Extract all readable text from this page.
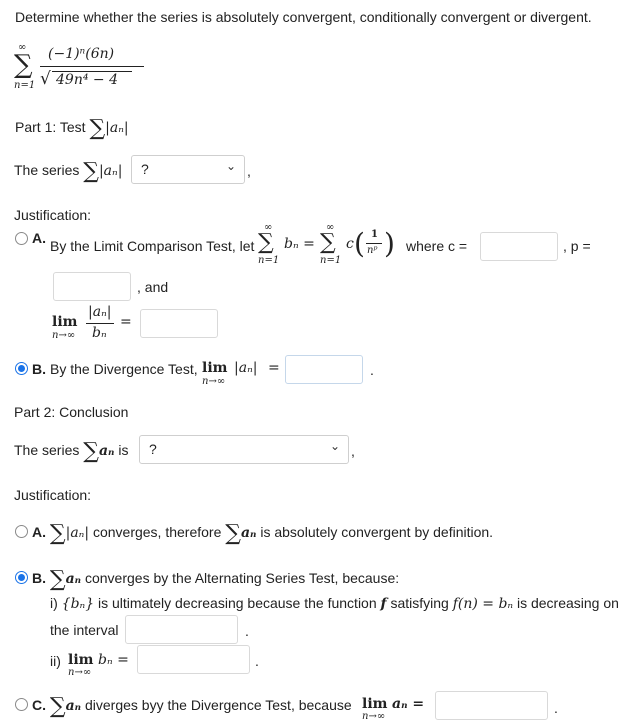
Determine whether the series is absolutely convergent, conditionally convergent or divergent.
∞
∑
n=1
(−1)ⁿ(6n)
√ 49n⁴ − 4
Part 1: Test ∑|aₙ|
The series ∑|aₙ| ?	⌄ ,
Justification:
A. By the Limit Comparison Test, let
∞
∑
n=1
bₙ =
∞
∑
n=1
c ( 1
nᵖ ) where c =	, p =
, and
lim
n→∞
|aₙ|
bₙ
=
B. By the Divergence Test, lim
n→∞
|aₙ| =	.
Part 2: Conclusion
The series ∑aₙ is ?	⌄ ,
Justification:
A. ∑|aₙ| converges, therefore ∑aₙ is absolutely convergent by definition.
B. ∑aₙ converges by the Alternating Series Test, because:
i) {bₙ} is ultimately decreasing because the function f satisfying f(n) = bₙ is decreasing on
the interval	.
ii) lim
n→∞
bₙ =	.
C. ∑aₙ diverges byy the Divergence Test, because lim
n→∞
aₙ =	.
